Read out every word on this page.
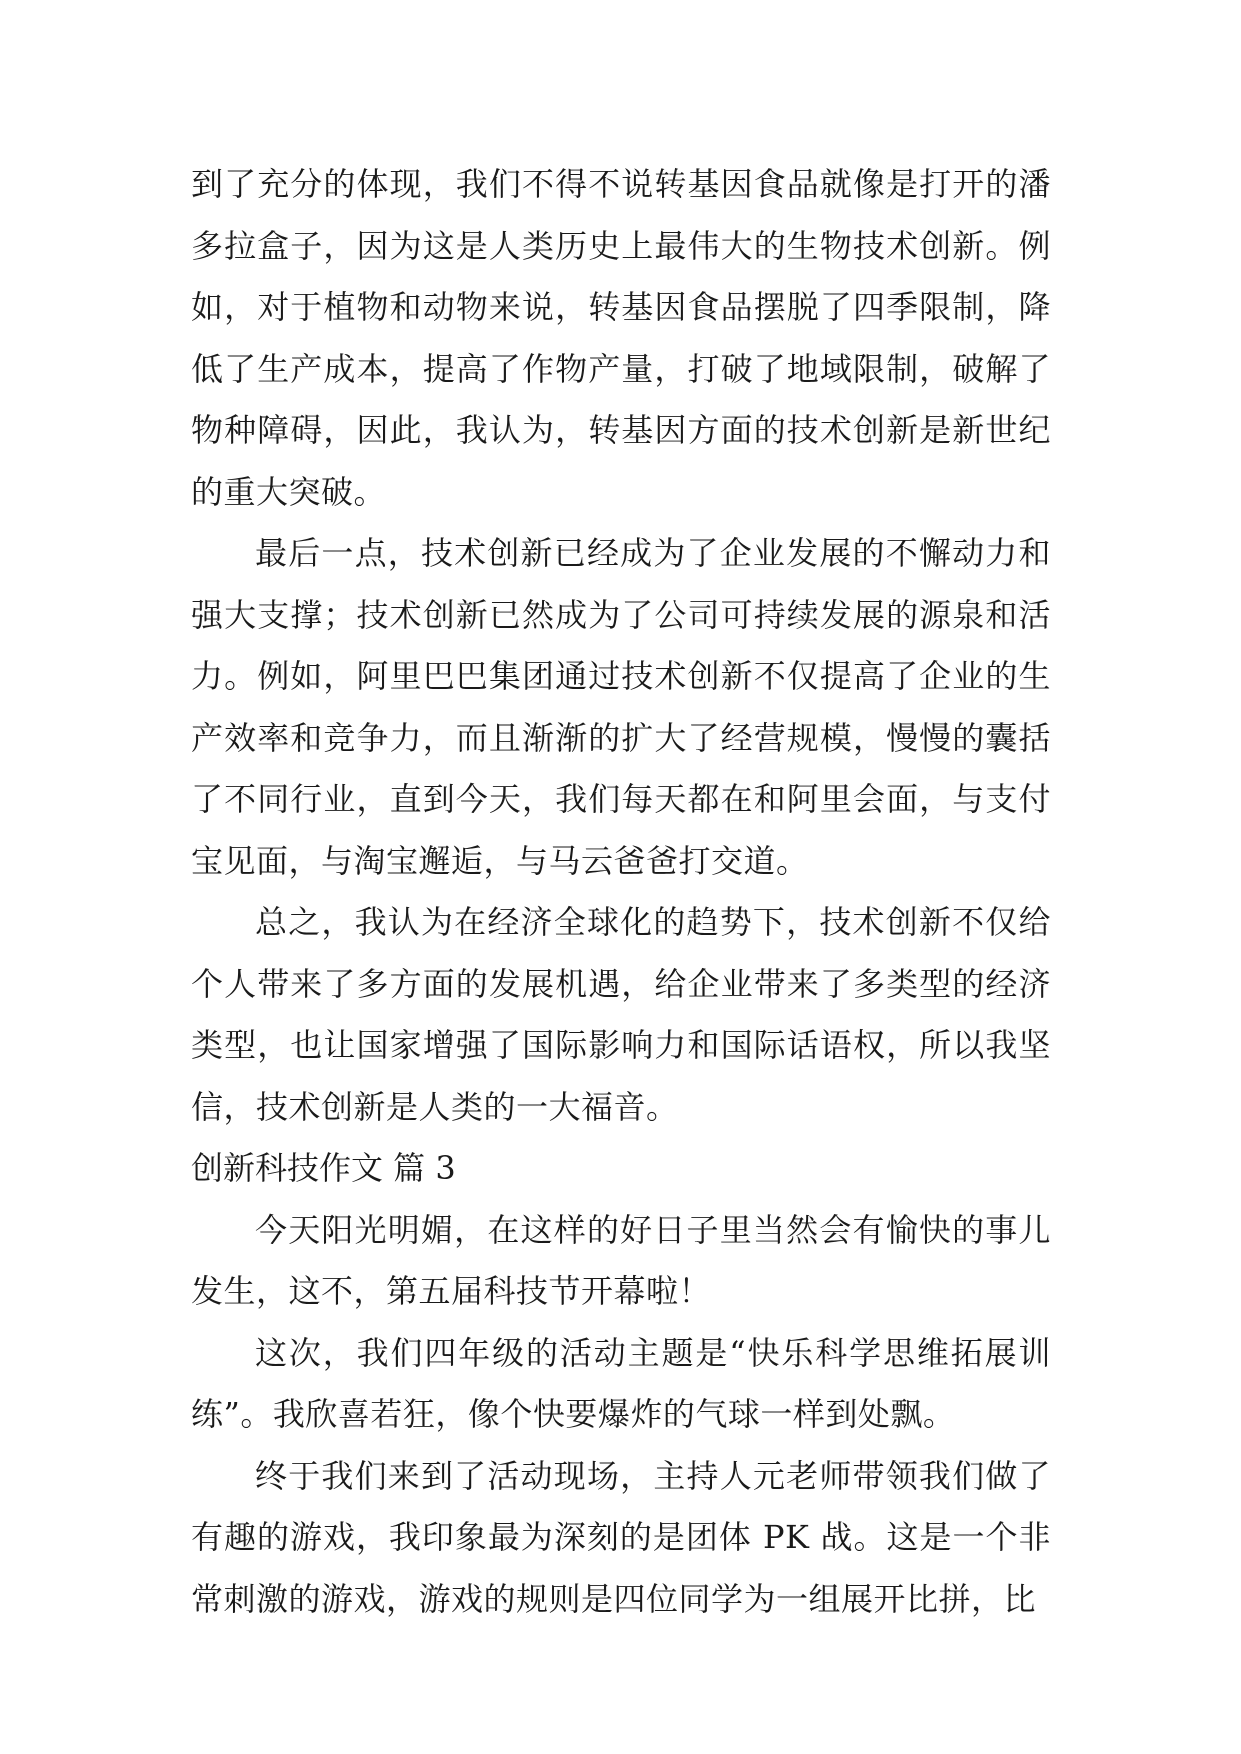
到了充分的体现，我们不得不说转基因食品就像是打开的潘多拉盒子，因为这是人类历史上最伟大的生物技术创新。例如，对于植物和动物来说，转基因食品摆脱了四季限制，降低了生产成本，提高了作物产量，打破了地域限制，破解了物种障碍，因此，我认为，转基因方面的技术创新是新世纪的重大突破。

最后一点，技术创新已经成为了企业发展的不懈动力和强大支撑；技术创新已然成为了公司可持续发展的源泉和活力。例如，阿里巴巴集团通过技术创新不仅提高了企业的生产效率和竞争力，而且渐渐的扩大了经营规模，慢慢的囊括了不同行业，直到今天，我们每天都在和阿里会面，与支付宝见面，与淘宝邂逅，与马云爸爸打交道。

总之，我认为在经济全球化的趋势下，技术创新不仅给个人带来了多方面的发展机遇，给企业带来了多类型的经济类型，也让国家增强了国际影响力和国际话语权，所以我坚信，技术创新是人类的一大福音。

创新科技作文 篇 3

今天阳光明媚，在这样的好日子里当然会有愉快的事儿发生，这不，第五届科技节开幕啦！

这次，我们四年级的活动主题是“快乐科学思维拓展训练”。我欣喜若狂，像个快要爆炸的气球一样到处飘。

终于我们来到了活动现场，主持人元老师带领我们做了有趣的游戏，我印象最为深刻的是团体 PK 战。这是一个非常刺激的游戏，游戏的规则是四位同学为一组展开比拼，比
